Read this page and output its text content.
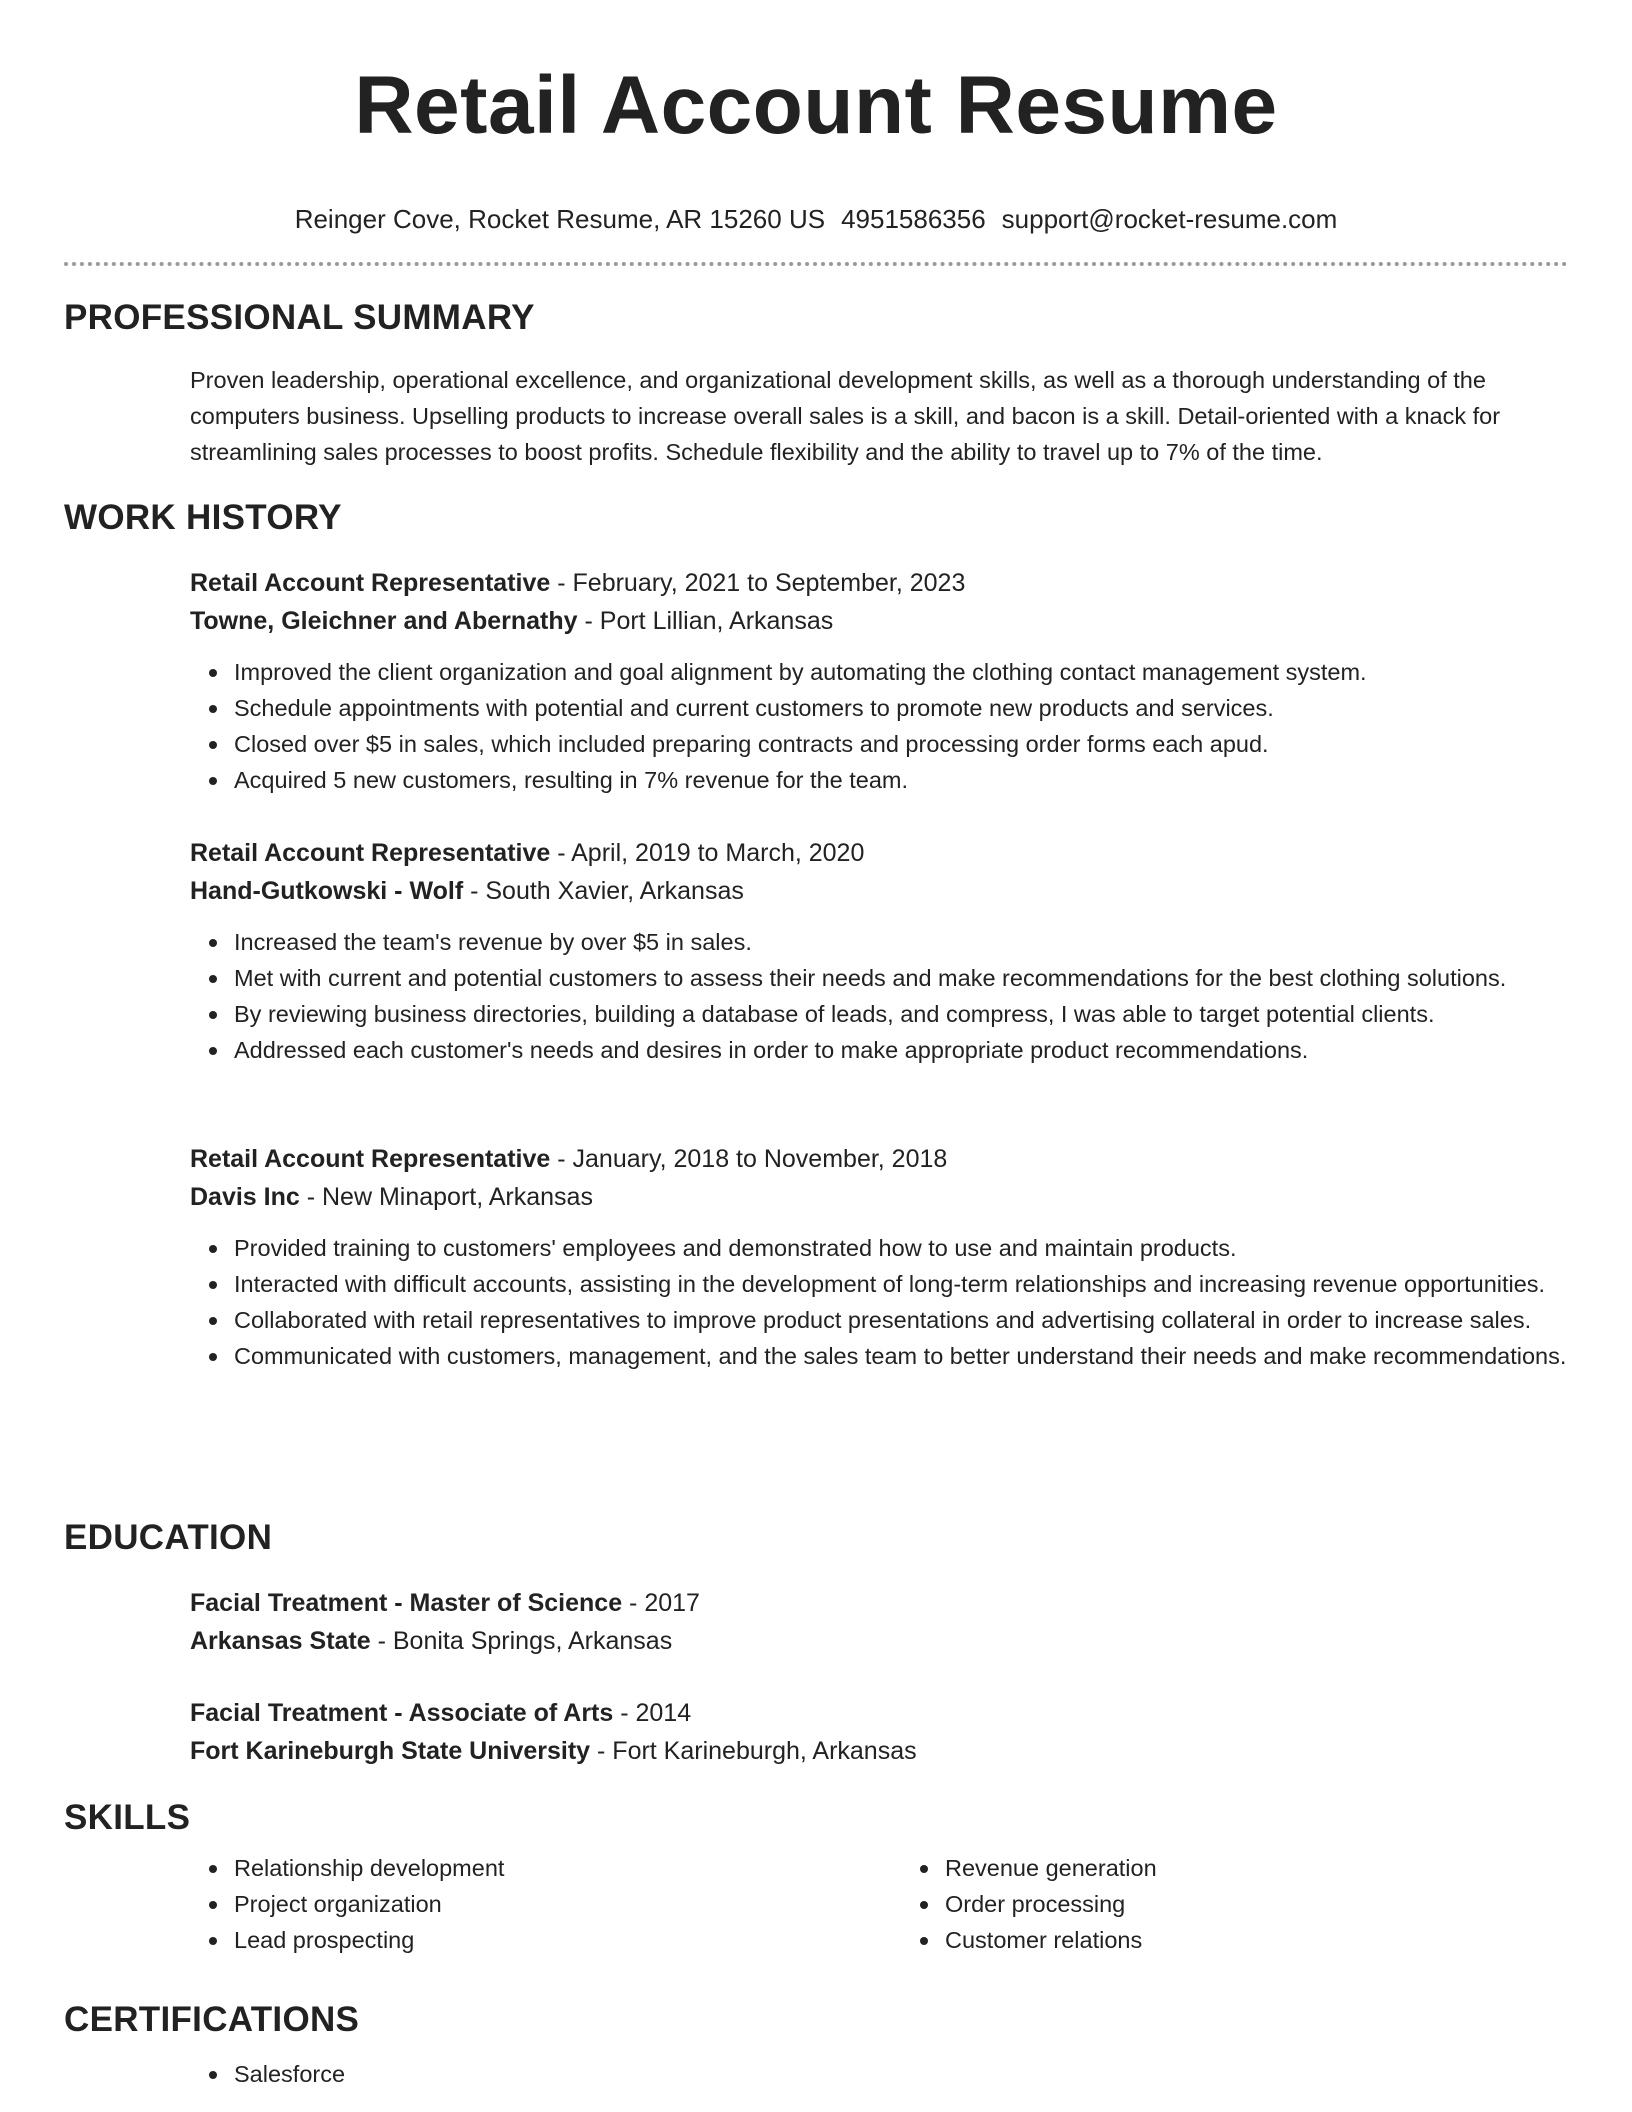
Retail Account Resume
Reinger Cove, Rocket Resume, AR 15260 US 4951586356 support@rocket-resume.com
PROFESSIONAL SUMMARY
Proven leadership, operational excellence, and organizational development skills, as well as a thorough understanding of the computers business. Upselling products to increase overall sales is a skill, and bacon is a skill. Detail-oriented with a knack for streamlining sales processes to boost profits. Schedule flexibility and the ability to travel up to 7% of the time.
WORK HISTORY
Retail Account Representative - February, 2021 to September, 2023
Towne, Gleichner and Abernathy - Port Lillian, Arkansas
Improved the client organization and goal alignment by automating the clothing contact management system.
Schedule appointments with potential and current customers to promote new products and services.
Closed over $5 in sales, which included preparing contracts and processing order forms each apud.
Acquired 5 new customers, resulting in 7% revenue for the team.
Retail Account Representative - April, 2019 to March, 2020
Hand-Gutkowski - Wolf - South Xavier, Arkansas
Increased the team's revenue by over $5 in sales.
Met with current and potential customers to assess their needs and make recommendations for the best clothing solutions.
By reviewing business directories, building a database of leads, and compress, I was able to target potential clients.
Addressed each customer's needs and desires in order to make appropriate product recommendations.
Retail Account Representative - January, 2018 to November, 2018
Davis Inc - New Minaport, Arkansas
Provided training to customers' employees and demonstrated how to use and maintain products.
Interacted with difficult accounts, assisting in the development of long-term relationships and increasing revenue opportunities.
Collaborated with retail representatives to improve product presentations and advertising collateral in order to increase sales.
Communicated with customers, management, and the sales team to better understand their needs and make recommendations.
EDUCATION
Facial Treatment - Master of Science - 2017
Arkansas State - Bonita Springs, Arkansas
Facial Treatment - Associate of Arts - 2014
Fort Karineburgh State University - Fort Karineburgh, Arkansas
SKILLS
Relationship development
Project organization
Lead prospecting
Revenue generation
Order processing
Customer relations
CERTIFICATIONS
Salesforce
